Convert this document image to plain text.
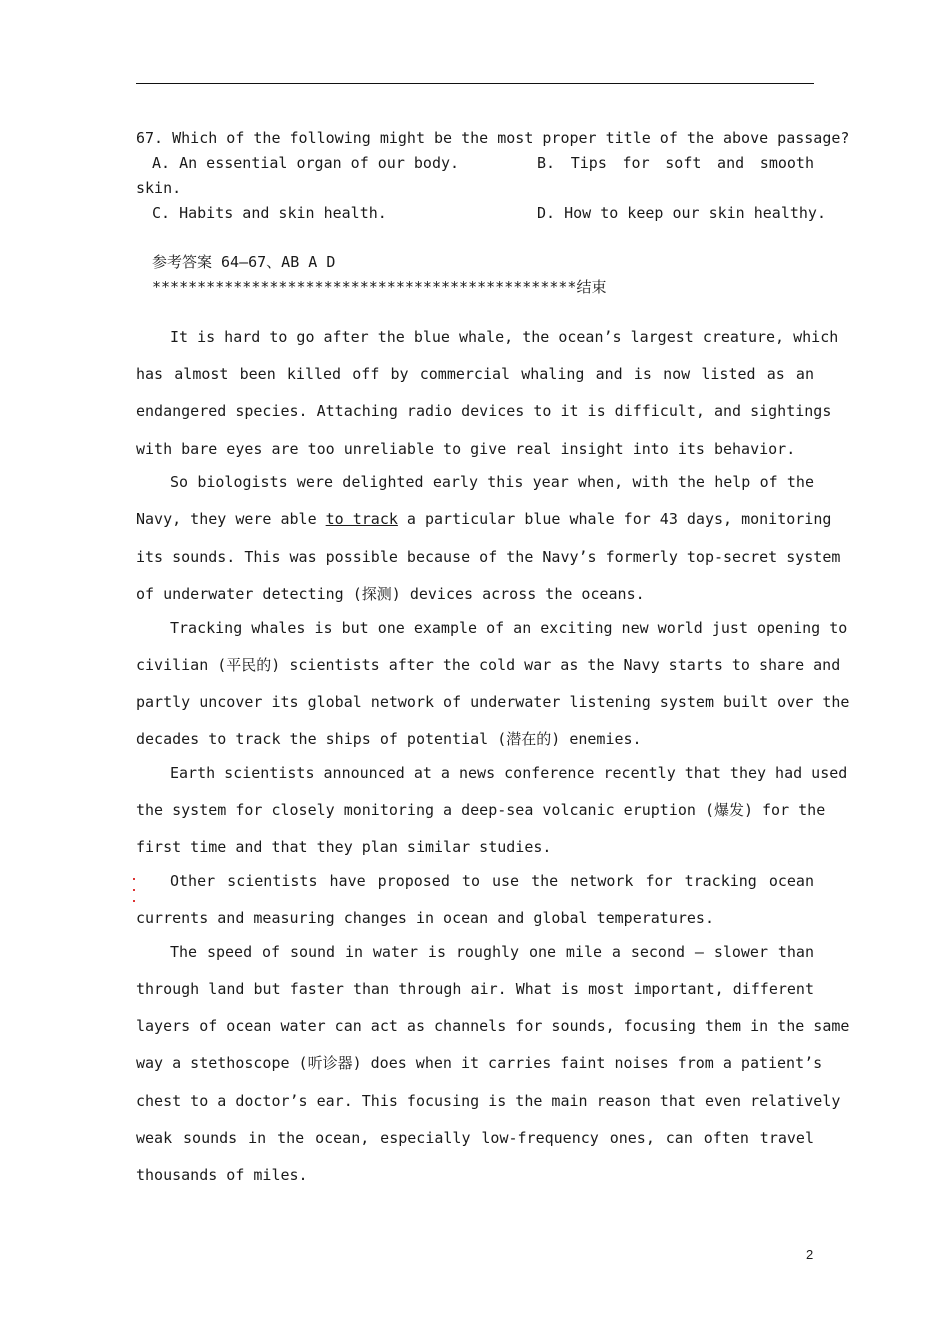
67. Which of the following might be the most proper title of the above passage?
A. An essential organ of our body.	B. Tips for soft and smooth
skin.
C. Habits and skin health.	D. How to keep our skin healthy.
参考答案 64—67、AB A D
***********************************************结束
It is hard to go after the blue whale, the ocean’s largest creature, which
has almost been killed off by commercial whaling and is now listed as an
endangered species. Attaching radio devices to it is difficult, and sightings
with bare eyes are too unreliable to give real insight into its behavior.
So biologists were delighted early this year when, with the help of the
Navy, they were able to track a particular blue whale for 43 days, monitoring
its sounds. This was possible because of the Navy’s formerly top-secret system
of underwater detecting (探测) devices across the oceans.
Tracking whales is but one example of an exciting new world just opening to
civilian (平民的) scientists after the cold war as the Navy starts to share and
partly uncover its global network of underwater listening system built over the
decades to track the ships of potential (潜在的) enemies.
Earth scientists announced at a news conference recently that they had used
the system for closely monitoring a deep-sea volcanic eruption (爆发) for the
first time and that they plan similar studies.
Other scientists have proposed to use the network for tracking ocean
currents and measuring changes in ocean and global temperatures.
The speed of sound in water is roughly one mile a second — slower than
through land but faster than through air. What is most important, different
layers of ocean water can act as channels for sounds, focusing them in the same
way a stethoscope (听诊器) does when it carries faint noises from a patient’s
chest to a doctor’s ear. This focusing is the main reason that even relatively
weak sounds in the ocean, especially low-frequency ones, can often travel
thousands of miles.
2
